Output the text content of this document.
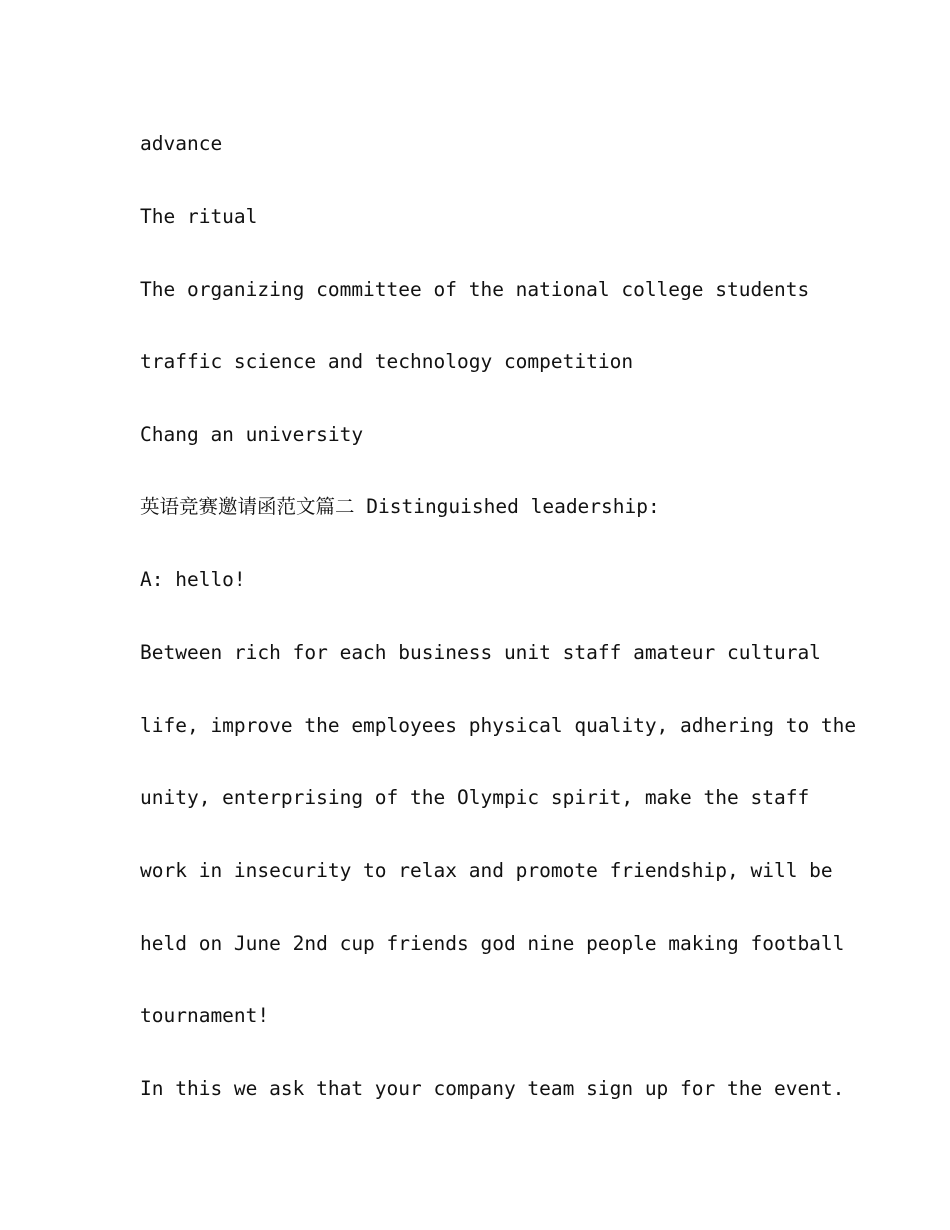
advance
The ritual
The organizing committee of the national college students
traffic science and technology competition
Chang an university
英语竞赛邀请函范文篇二 Distinguished leadership:
A: hello!
Between rich for each business unit staff amateur cultural
life, improve the employees physical quality, adhering to the
unity, enterprising of the Olympic spirit, make the staff
work in insecurity to relax and promote friendship, will be
held on June 2nd cup friends god nine people making football
tournament!
In this we ask that your company team sign up for the event.
